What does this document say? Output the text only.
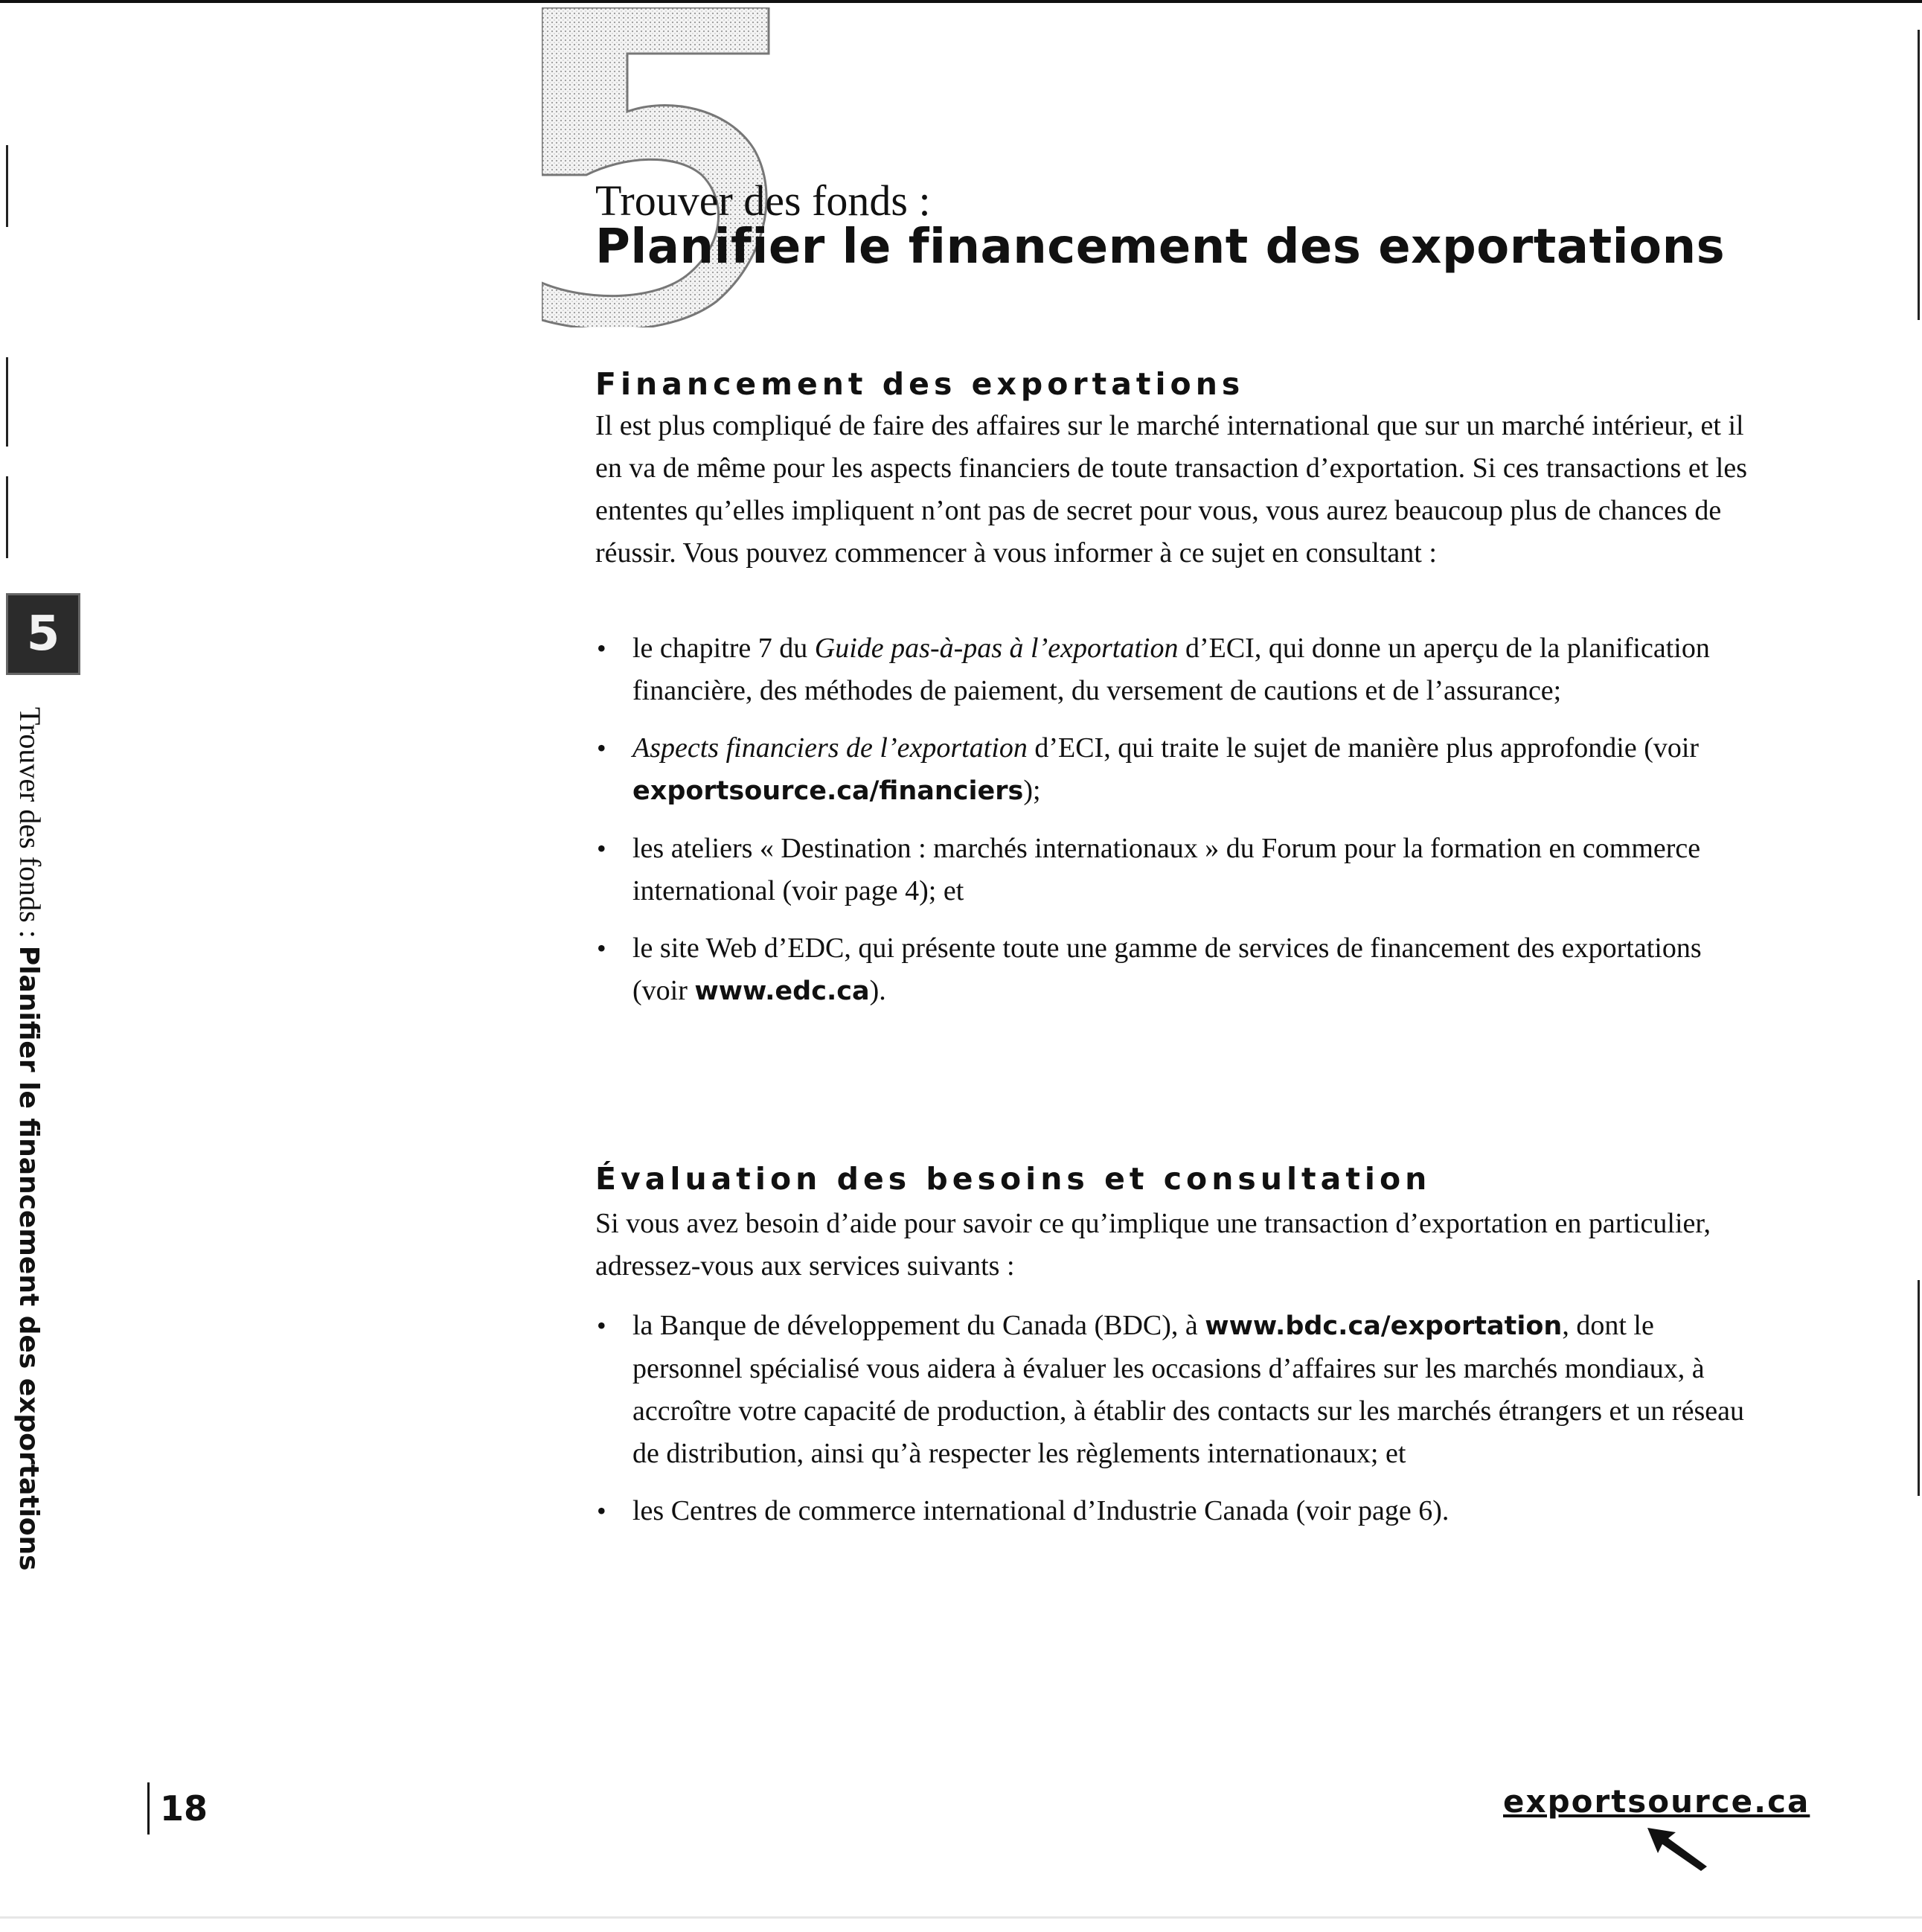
Trouver des fonds :
Planifier le financement des exportations
Financement des exportations

Il est plus compliqué de faire des affaires sur le marché international que sur un marché intérieur, et il en va de même pour les aspects financiers de toute transaction d’exportation. Si ces transactions et les ententes qu’elles impliquent n’ont pas de secret pour vous, vous aurez beaucoup plus de chances de réussir. Vous pouvez commencer à vous informer à ce sujet en consultant :

• le chapitre 7 du Guide pas-à-pas à l’exportation d’ECI, qui donne un aperçu de la planification financière, des méthodes de paiement, du versement de cautions et de l’assurance;
• Aspects financiers de l’exportation d’ECI, qui traite le sujet de manière plus approfondie (voir exportsource.ca/financiers);
• les ateliers « Destination : marchés internationaux » du Forum pour la formation en commerce international (voir page 4); et
• le site Web d’EDC, qui présente toute une gamme de services de financement des exportations (voir www.edc.ca).
Évaluation des besoins et consultation

Si vous avez besoin d’aide pour savoir ce qu’implique une transaction d’exportation en particulier, adressez-vous aux services suivants :

• la Banque de développement du Canada (BDC), à www.bdc.ca/exportation, dont le personnel spécialisé vous aidera à évaluer les occasions d’affaires sur les marchés mondiaux, à accroître votre capacité de production, à établir des contacts sur les marchés étrangers et un réseau de distribution, ainsi qu’à respecter les règlements internationaux; et
• les Centres de commerce international d’Industrie Canada (voir page 6).
5
Trouver des fonds : Planifier le financement des exportations
18	exportsource.ca
